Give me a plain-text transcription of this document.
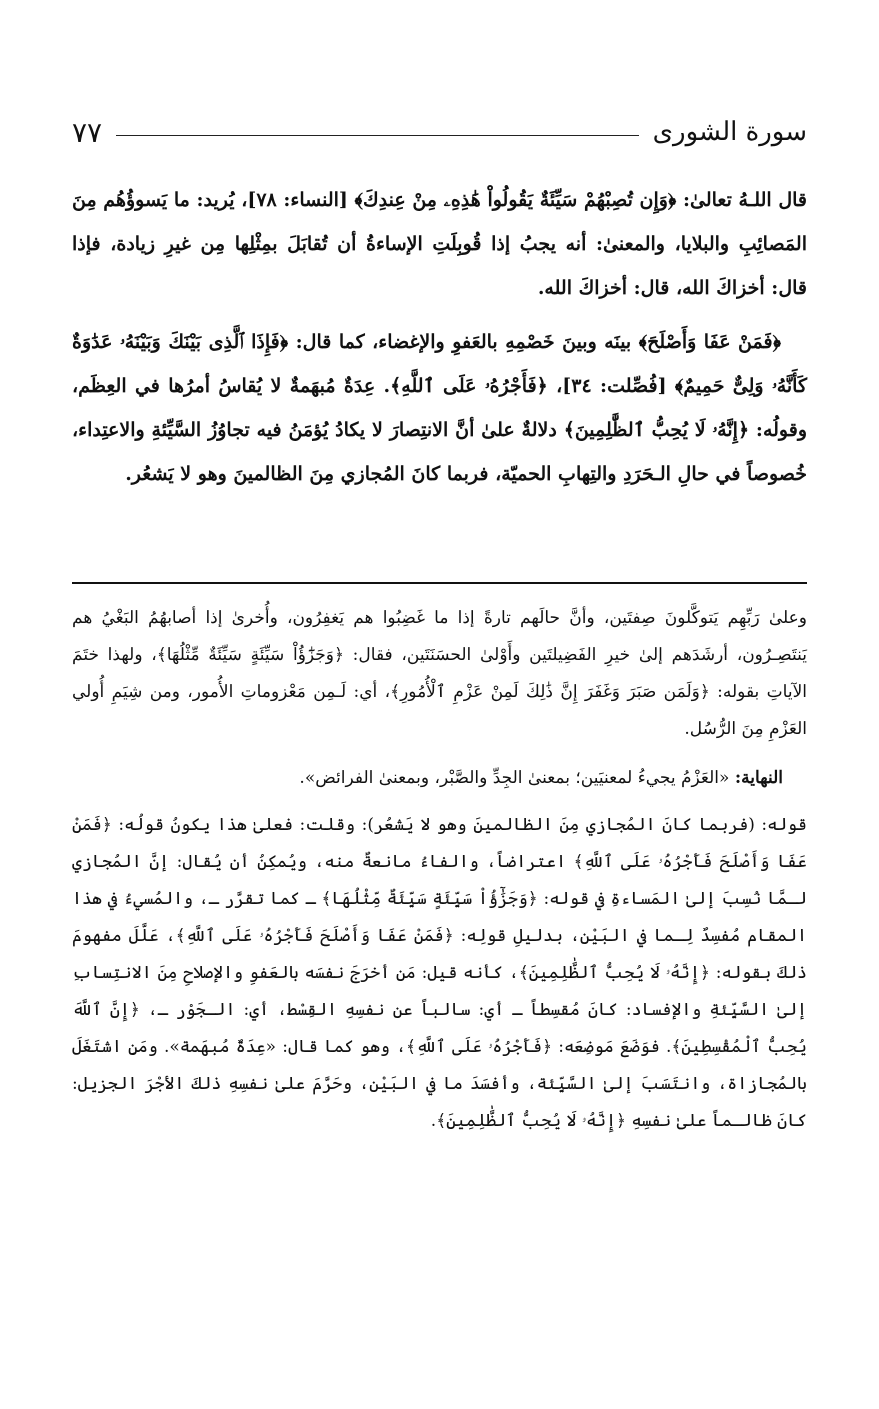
سورة الشورى
٧٧

قال اللـهُ تعالىٰ: ﴿وَإِن تُصِبْهُمْ سَيِّئَةٌ يَقُولُواْ هَٰذِهِۦ مِنْ عِندِكَ﴾ [النساء: ٧٨]، يُريد: ما يَسوؤُهُم مِنَ المَصائِبِ والبلايا، والمعنىٰ: أنه يجبُ إذا قُوبِلَتِ الإساءةُ أن تُقابَلَ بمِثْلِها مِن غيرِ زيادة، فإذا قال: أخزاكَ الله، قال: أخزاكَ الله.

﴿فَمَنْ عَفَا وَأَصْلَحَ﴾ بينَه وبينَ خَصْمِهِ بالعَفوِ والإغضاء، كما قال: ﴿فَإِذَا ٱلَّذِى بَيْنَكَ وَبَيْنَهُۥ عَدَٰوَةٌ كَأَنَّهُۥ وَلِىٌّ حَمِيمٌ﴾ [فُصِّلت: ٣٤]، ﴿فَأَجْرُهُۥ عَلَى ٱللَّهِ﴾. عِدَةٌ مُبهَمةٌ لا يُقاسُ أمرُها في العِظَم، وقولُه: ﴿إِنَّهُۥ لَا يُحِبُّ ٱلظَّٰلِمِينَ﴾ دلالةٌ علىٰ أنَّ الانتِصارَ لا يكادُ يُؤمَنُ فيه تجاوُزُ السَّيِّئةِ والاعتِداء، خُصوصاً في حالِ الـحَرَدِ والتِهابِ الحميّة، فربما كانَ المُجازي مِنَ الظالمينَ وهو لا يَشعُر.

وعلىٰ رَبِّهِم يَتوكَّلونَ صِفتَين، وأنَّ حالَهم تارةً إذا ما غَضِبُوا هم يَغفِرُون، وأُخرىٰ إذا أصابهُمُ البَغْيُ هم يَنتَصِـرُون، أرشَدَهم إلىٰ خيرِ الفَضِيلتَين وأَوْلىٰ الحسَنَتَين، فقال: ﴿وَجَزَٰٓؤُاْ سَيِّئَةٍ سَيِّئَةٌ مِّثْلُهَا﴾، ولهذا ختَمَ الآياتِ بقوله: ﴿وَلَمَن صَبَرَ وَغَفَرَ إِنَّ ذَٰلِكَ لَمِنْ عَزْمِ ٱلْأُمُورِ﴾، أي: لَـمِن مَعْزوماتِ الأُمور، ومن شِيَمِ أُولي العَزْمِ مِنَ الرُّسُل.

النهاية: «العَزْمُ يجيءُ لمعنيَين؛ بمعنىٰ الجِدِّ والصَّبْر، وبمعنىٰ الفرائض».

قوله: (فربما كانَ المُجازي مِنَ الظالمينَ وهو لا يَشعُر): وقلت: فعلىٰ هذا يكونُ قولُه: ﴿فَمَنْ عَفَا وَأَصْلَحَ فَأَجْرُهُۥ عَلَى ٱللَّهِ﴾ اعتراضاً، والفاءُ مانعةٌ منه، ويُمكِنُ أن يُقال: إنَّ المُجازي لـمَّا نُسِبَ إلىٰ المَساءةِ في قوله: ﴿وَجَزَٰٓؤُاْ سَيِّئَةٍ سَيِّئَةٌ مِّثْلُهَا﴾ ـ كما تقرَّر ـ، والمُسيءُ في هذا المقام مُفسِدٌ لِـما في البَيْن، بدليلِ قولِه: ﴿فَمَنْ عَفَا وَأَصْلَحَ فَأَجْرُهُۥ عَلَى ٱللَّهِ﴾، عَلَّلَ مفهومَ ذلكَ بقوله: ﴿إِنَّهُۥ لَا يُحِبُّ ٱلظَّٰلِمِينَ﴾، كأنه قيل: مَن أخرَجَ نفسَه بالعَفوِ والإصلاحِ مِنَ الانتِسابِ إلىٰ السَّيِّئةِ والإفساد: كانَ مُقسِطاً ـ أي: سالباً عن نفسِهِ القِسْط، أي: الـجَوْر ـ، ﴿إِنَّ ٱللَّهَ يُحِبُّ ٱلْمُقْسِطِينَ﴾. فوَضَعَ مَوضِعَه: ﴿فَأَجْرُهُۥ عَلَى ٱللَّهِ﴾، وهو كما قال: «عِدَةٌ مُبهَمة». ومَنِ اشتَغَلَ بالمُجازاة، وانتَسَبَ إلىٰ السَّيِّئة، وأفسَدَ ما في البَيْن، وحَرَّمَ علىٰ نفسِهِ ذلكَ الأجْرَ الجزيل: كانَ ظالـماً علىٰ نفسِهِ ﴿إِنَّهُۥ لَا يُحِبُّ ٱلظَّٰلِمِينَ﴾.
